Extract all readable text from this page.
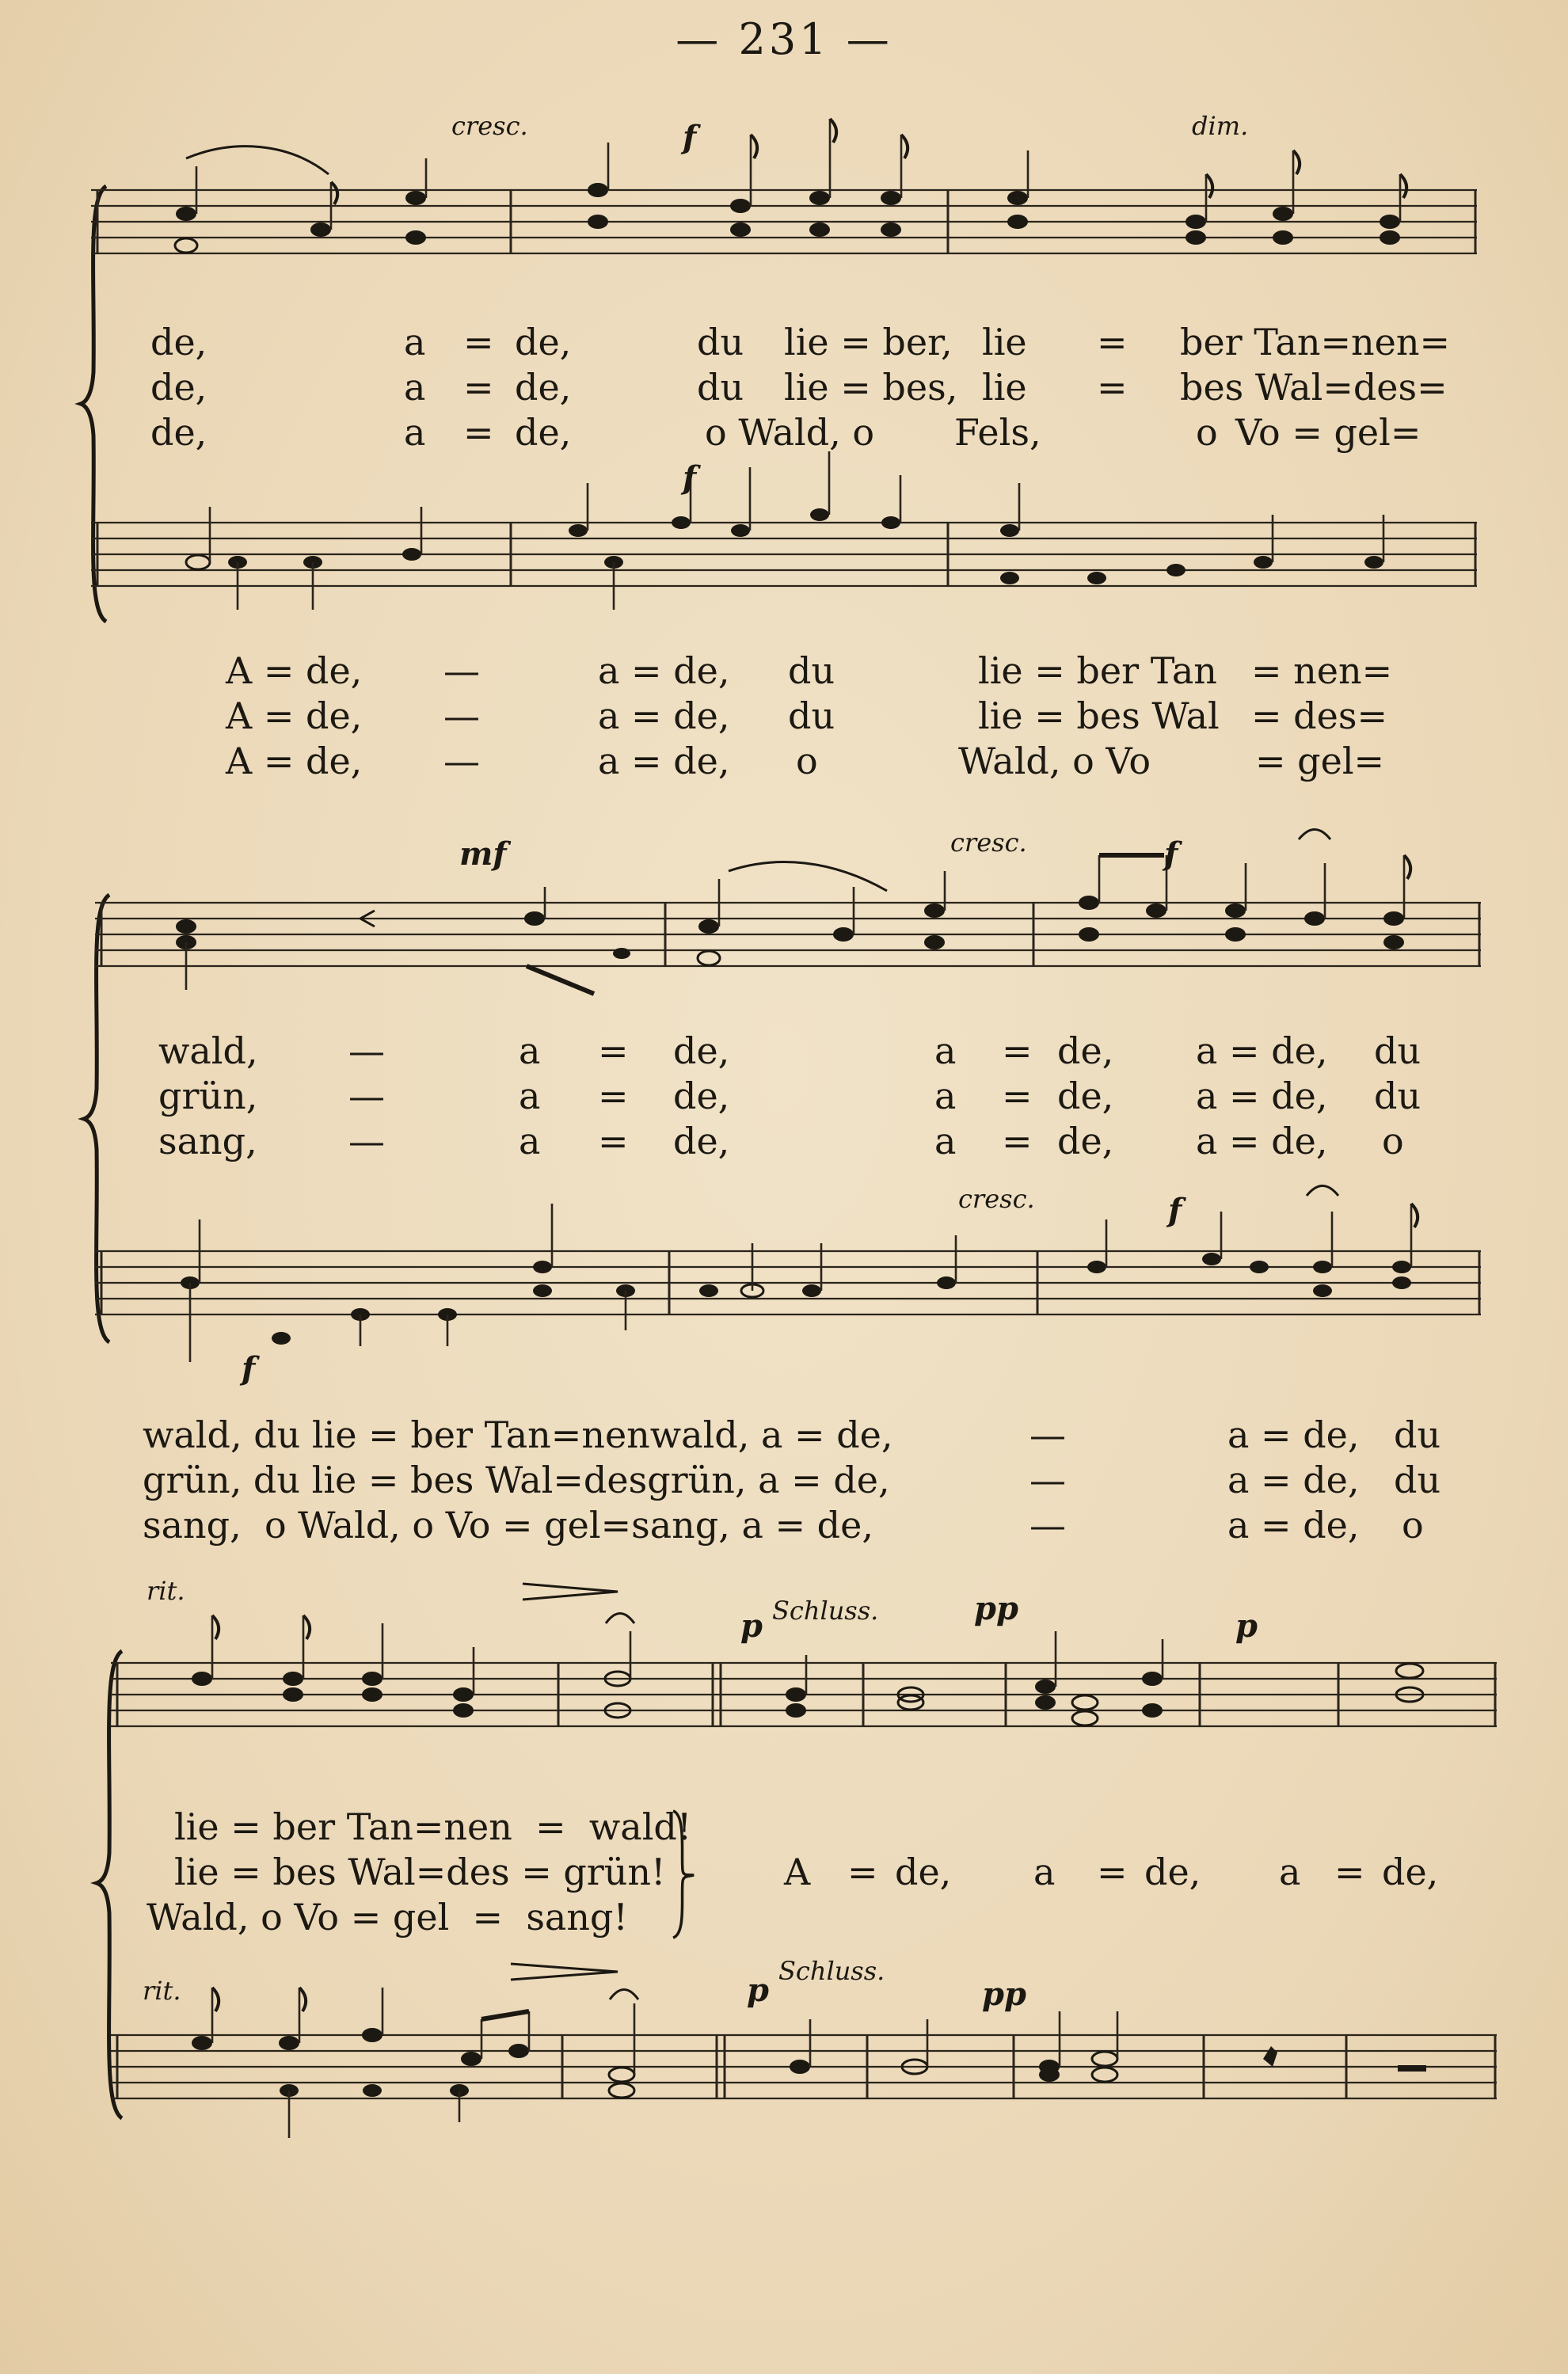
— 231 —
cresc.	f	dim.
de,	a = de,	du lie = ber, lie = ber Tan=nen=
de,	a = de,	du lie = bes, lie = bes Wal=des=
de,	a = de,	o Wald, o Fels,	o Vo = gel=
f
A = de, —	a = de, du	lie = ber Tan = nen=
A = de, —	a = de, du	lie = bes Wal = des=
A = de, —	a = de, o	Wald, o Vo	= gel=
mf	cresc.	f
wald, —	a = de,	a = de, a = de, du
grün, —	a = de,	a = de, a = de, du
sang,	—	a = de,	a = de, a = de, o
cresc.	f
f
wald, du lie = ber Tan=nenwald, a = de,	—	a = de, du
grün, du lie = bes Wal=desgrün, a = de,	—	a = de, du
sang,  o Wald, o Vo = gel=sang, a = de,	—	a = de, o
rit.
p Schluss.	pp	p
lie = ber Tan=nen  =  wald!
lie = bes Wal=des = grün!
Wald, o Vo = gel  =  sang!
A = de, a = de, a = de,
rit.	p
Schluss.
pp
